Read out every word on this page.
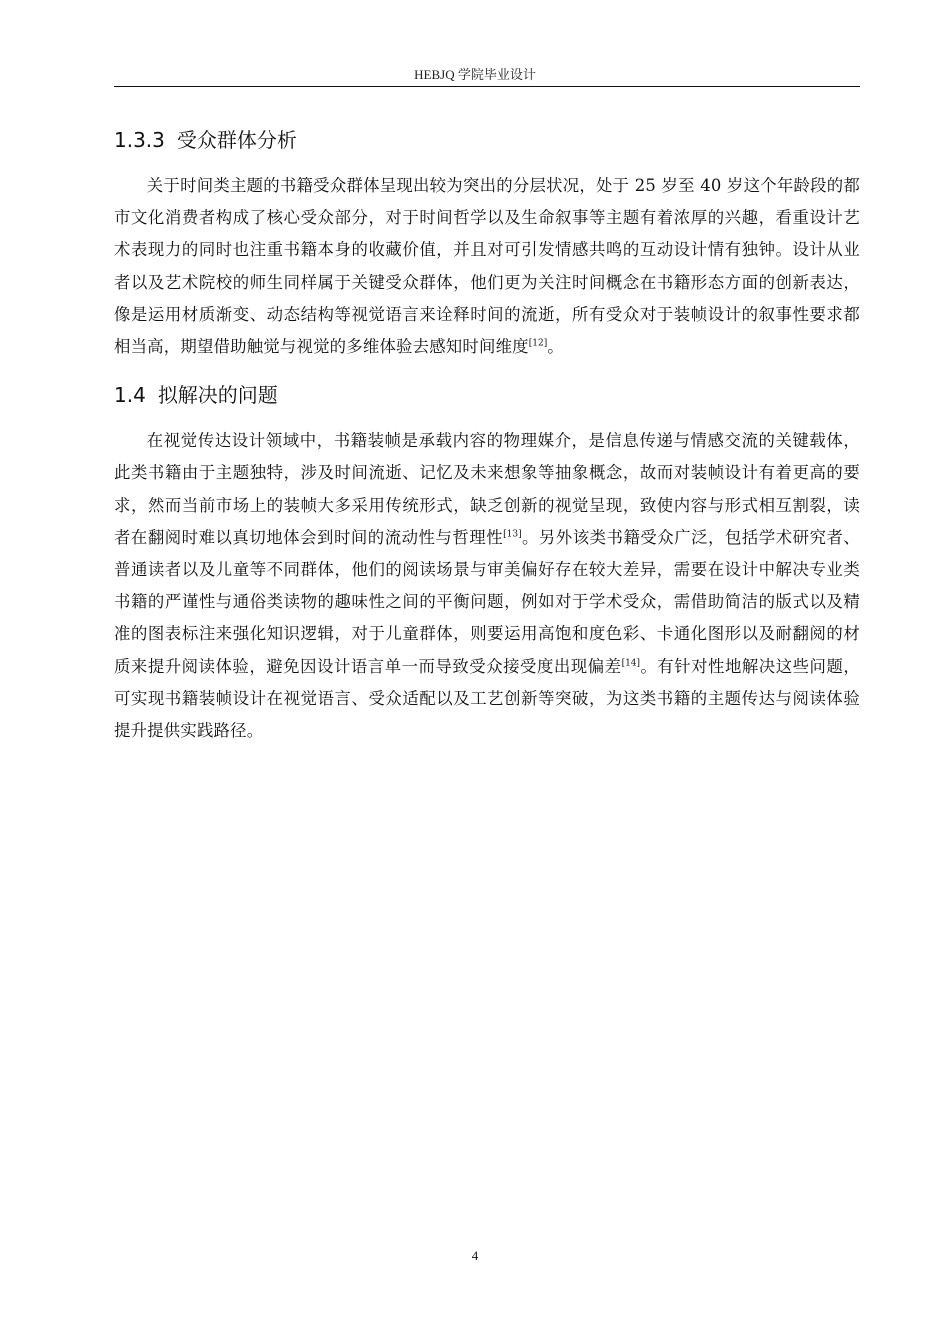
HEBJQ 学院毕业设计
1.3.3 受众群体分析

关于时间类主题的书籍受众群体呈现出较为突出的分层状况，处于 25 岁至 40 岁这个年龄段的都市文化消费者构成了核心受众部分，对于时间哲学以及生命叙事等主题有着浓厚的兴趣，看重设计艺术表现力的同时也注重书籍本身的收藏价值，并且对可引发情感共鸣的互动设计情有独钟。设计从业者以及艺术院校的师生同样属于关键受众群体，他们更为关注时间概念在书籍形态方面的创新表达，像是运用材质渐变、动态结构等视觉语言来诠释时间的流逝，所有受众对于装帧设计的叙事性要求都相当高，期望借助触觉与视觉的多维体验去感知时间维度[12]。

1.4 拟解决的问题

在视觉传达设计领域中，书籍装帧是承载内容的物理媒介，是信息传递与情感交流的关键载体，此类书籍由于主题独特，涉及时间流逝、记忆及未来想象等抽象概念，故而对装帧设计有着更高的要求，然而当前市场上的装帧大多采用传统形式，缺乏创新的视觉呈现，致使内容与形式相互割裂，读者在翻阅时难以真切地体会到时间的流动性与哲理性[13]。另外该类书籍受众广泛，包括学术研究者、普通读者以及儿童等不同群体，他们的阅读场景与审美偏好存在较大差异，需要在设计中解决专业类书籍的严谨性与通俗类读物的趣味性之间的平衡问题，例如对于学术受众，需借助简洁的版式以及精准的图表标注来强化知识逻辑，对于儿童群体，则要运用高饱和度色彩、卡通化图形以及耐翻阅的材质来提升阅读体验，避免因设计语言单一而导致受众接受度出现偏差[14]。有针对性地解决这些问题，可实现书籍装帧设计在视觉语言、受众适配以及工艺创新等突破，为这类书籍的主题传达与阅读体验提升提供实践路径。

4
